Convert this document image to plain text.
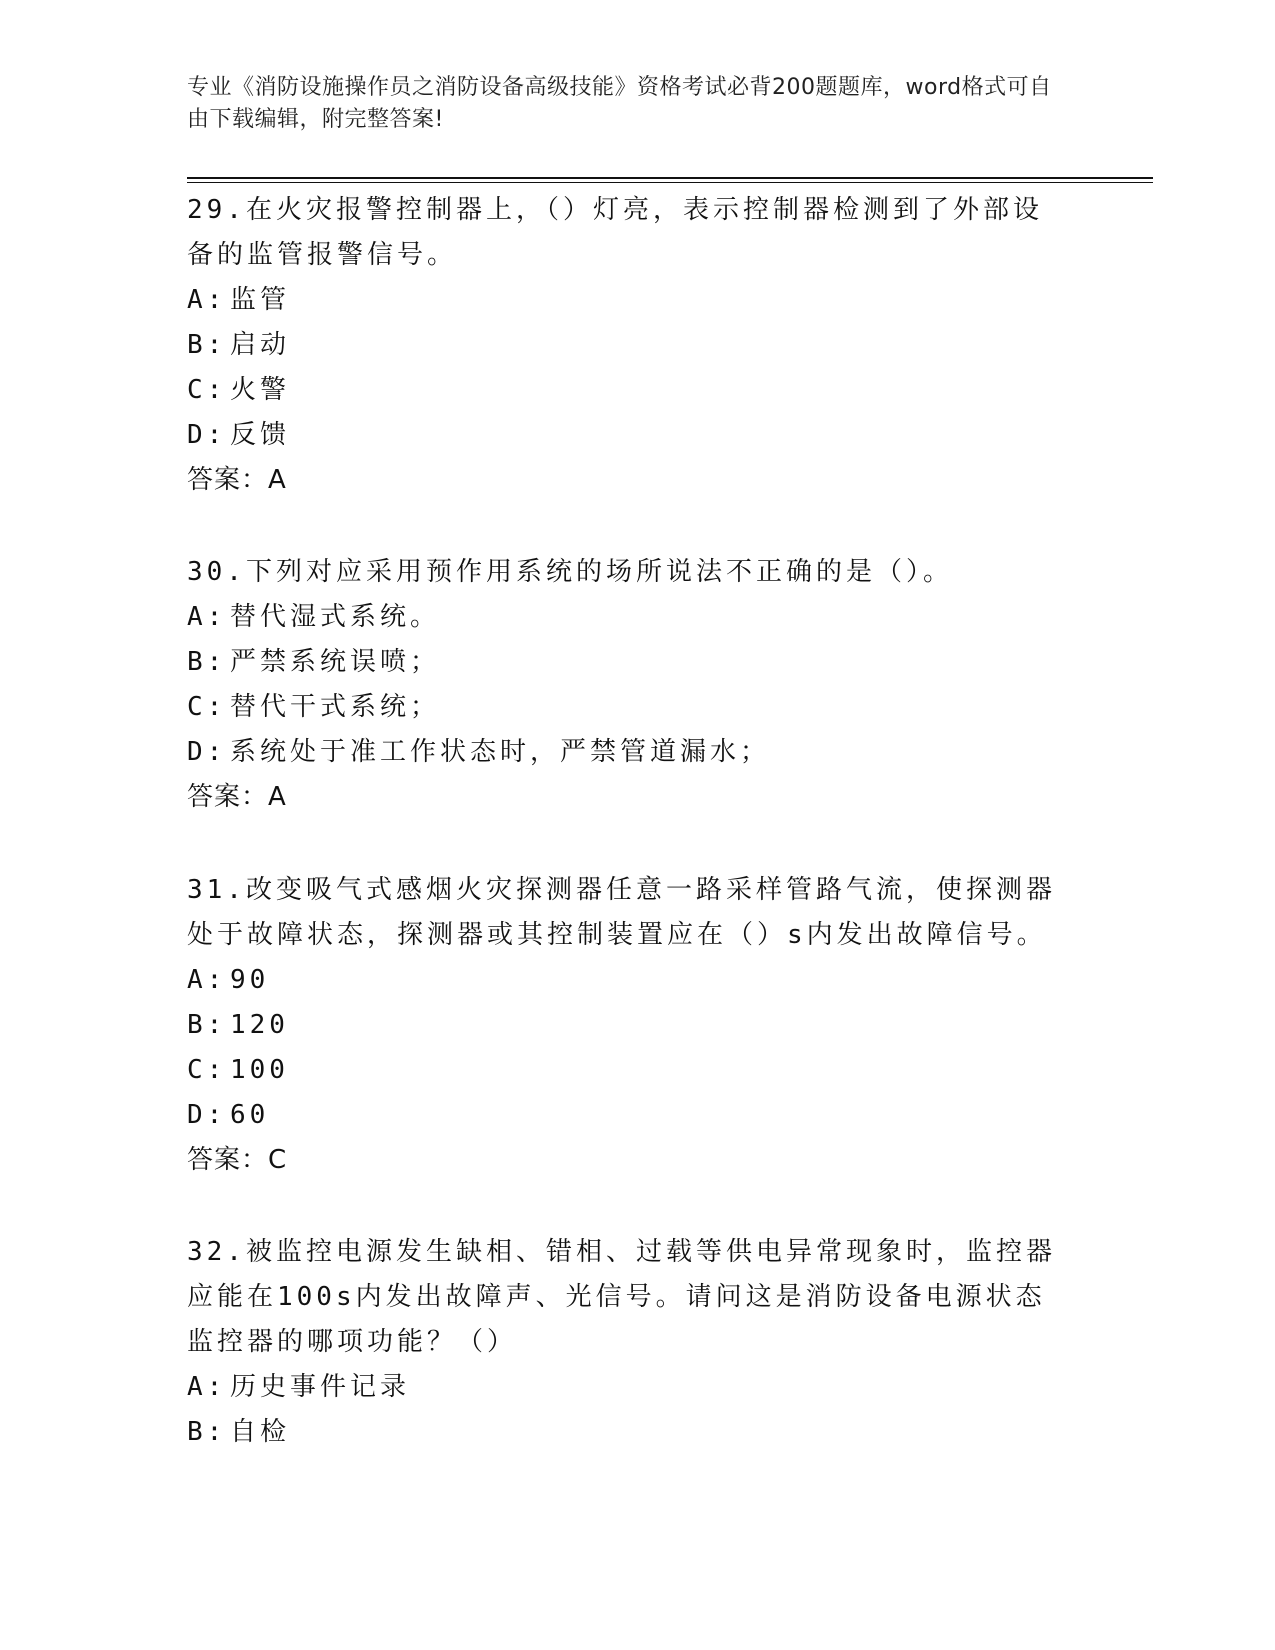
专业《消防设施操作员之消防设备高级技能》资格考试必背200题题库，word格式可自由下载编辑，附完整答案!

29.在火灾报警控制器上，（）灯亮，表示控制器检测到了外部设备的监管报警信号。

A: 监管
B: 启动
C: 火警
D: 反馈
答案：A

30.下列对应采用预作用系统的场所说法不正确的是（）。

A: 替代湿式系统。
B: 严禁系统误喷；
C: 替代干式系统；
D: 系统处于准工作状态时，严禁管道漏水；
答案：A

31.改变吸气式感烟火灾探测器任意一路采样管路气流，使探测器处于故障状态，探测器或其控制装置应在（）s内发出故障信号。

A: 90
B: 120
C: 100
D: 60
答案：C

32.被监控电源发生缺相、错相、过载等供电异常现象时，监控器应能在100s内发出故障声、光信号。请问这是消防设备电源状态监控器的哪项功能？（）

A: 历史事件记录
B: 自检
